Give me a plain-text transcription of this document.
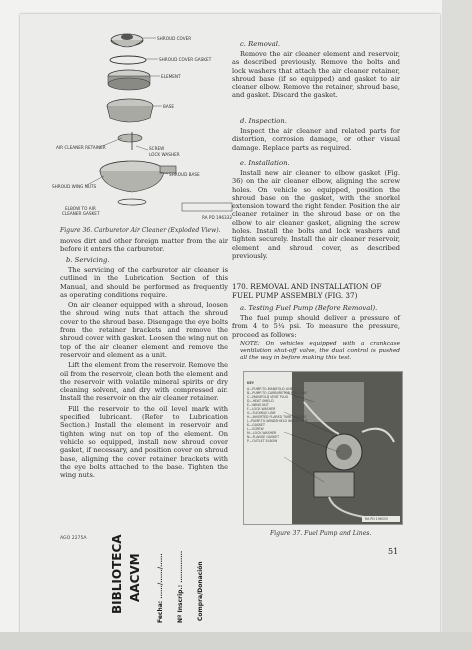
SHROUD COVER
SHROUD COVER GASKET
ELEMENT
BASE
AIR CLEANER RETAINER	SCREW
LOCK WASHER
SHROUD BASE
SHROUD WING NUTS
ELBOW TO AIR
CLEANER GASKET
RA PD 196332
Figure 36. Carburetor Air Cleaner (Exploded View).
moves dirt and other foreign matter from the air before it enters the carburetor.
b. Servicing.

The servicing of the carburetor air cleaner is cutlined in the Lubrication Section of this Manual, and should be performed as frequently as operating conditions require.

On air cleaner equipped with a shroud, loosen the shroud wing nuts that attach the shroud cover to the shroud base. Disengage the eye bolts from the retainer brackets and remove the shroud cover with gasket. Loosen the wing nut on top of the air cleaner element and remove the reservoir and element as a unit.

Lift the element from the reservoir. Remove the oil from the reservoir, clean both the element and the reservoir with volatile mineral spirits or dry cleaning solvent, and dry with compressed air. Install the reservoir on the air cleaner retainer.

Fill the reservoir to the oil level mark with specified lubricant. (Refer to Lubrication Section.) Install the element in reservoir and tighten wing nut on top of the element. On vehicle so equipped, install new shroud cover gasket, if necessary, and position cover on shroud base, aligning the cover retainer brackets with the eye bolts attached to the base. Tighten the wing nuts.

c. Removal.

Remove the air cleaner element and reservoir, as described previously. Remove the bolts and lock washers that attach the air cleaner retainer, shroud base (if so equipped) and gasket to air cleaner elbow. Remove the retainer, shroud base, and gasket. Discard the gasket.

d. Inspection.

Inspect the air cleaner and related parts for distortion, corrosion damage, or other visual damage. Replace parts as required.

e. Installation.

Install new air cleaner to elbow gasket (Fig. 36) on the air cleaner elbow, aligning the screw holes. On vehicle so equipped, position the shroud base on the gasket, with the snorkel extension toward the right fender. Position the air cleaner retainer in the shroud base or on the elbow to air cleaner gasket, aligning the screw holes. Install the bolts and lock washers and tighten securely. Install the air cleaner reservoir, element and shroud cover, as described previously.

170. REMOVAL AND INSTALLATION OF FUEL PUMP ASSEMBLY (FIG. 37)
a. Testing Fuel Pump (Before Removal).

The fuel pump should deliver a pressure of from 4 to 5¼ psi. To measure the pressure, proceed as follows:

NOTE: On vehicles equipped with a crankcase ventilation shut-off valve, the dual control is pushed all the way in before making this test.
KEY
A—PUMP-TO-MANIFOLD LINE
B—PUMP-TO-CARBURETOR FUEL LINE
C—MANIFOLD VENT PLUG
D—HEAT SHIELD
E—WING NUT
F—LOCK WASHER
G—FLEXIBLE LINE
H—INVERTED FLARED TUBE ELBOWS
J—PUMP-TO-WINDSHIELD WIPER HOSE
K—GASKET
L—SCREW
M—LOCK WASHER
N—FLANGE GASKET
P—OUTLET ELBOW
RA PD 196333
Figure 37. Fuel Pump and Lines.
AGO 2275A
51
BIBLIOTECA AACVM	Fecha: ....../....../...... Nº Inscrip.: .............. Compra/Donación
